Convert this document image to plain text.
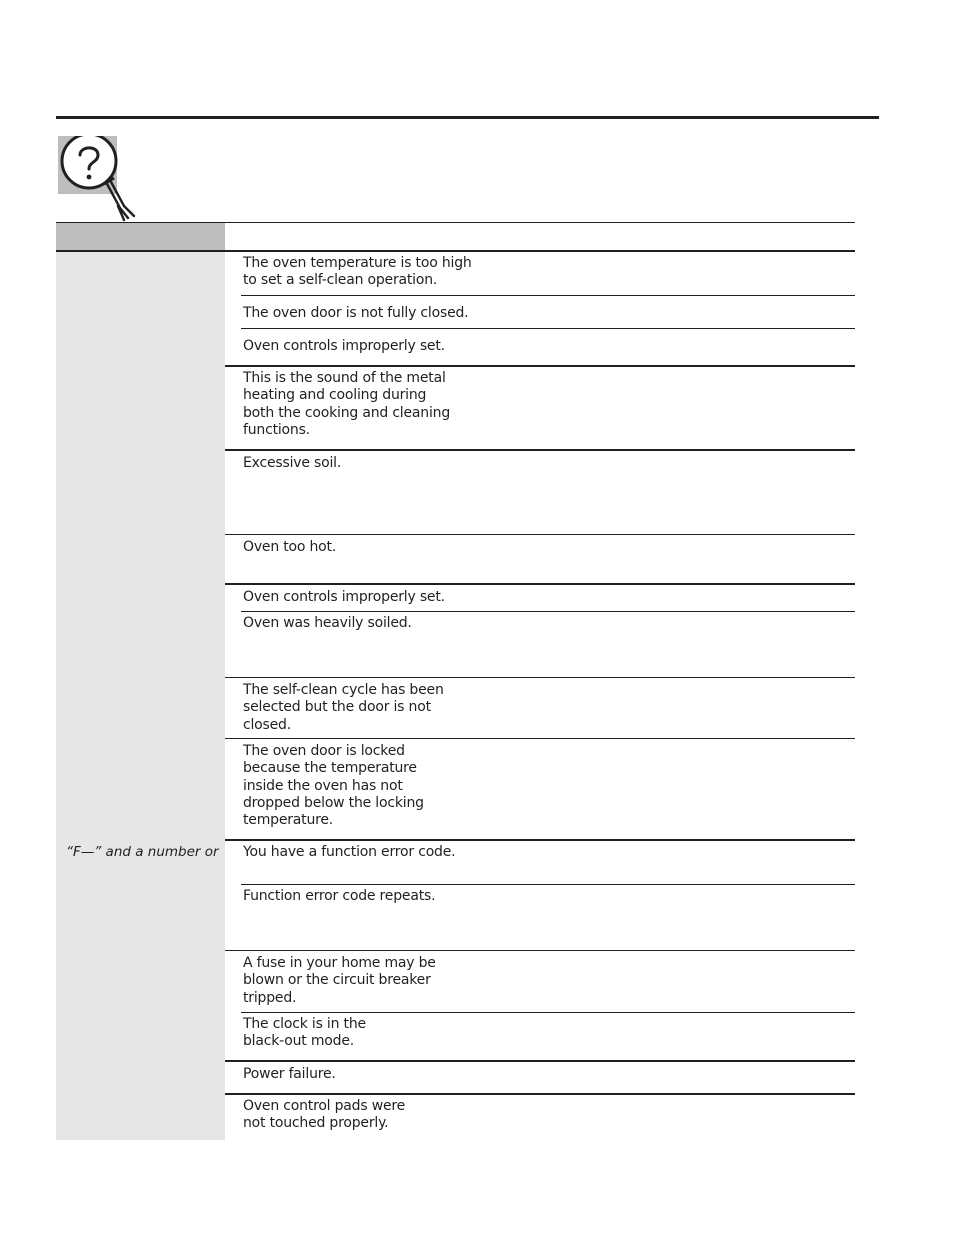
The oven temperature is too high to set a self-clean operation.
The oven door is not fully closed.
Oven controls improperly set.
This is the sound of the metal heating and cooling during both the cooking and cleaning functions.
Excessive soil.
Oven too hot.
Oven controls improperly set.
Oven was heavily soiled.
The self-clean cycle has been selected but the door is not closed.
The oven door is locked because the temperature inside the oven has not dropped below the locking temperature.
“F—” and a number or You have a function error code.
Function error code repeats.
A fuse in your home may be blown or the circuit breaker tripped.
The clock is in the black-out mode.
Power failure.
Oven control pads were not touched properly.
